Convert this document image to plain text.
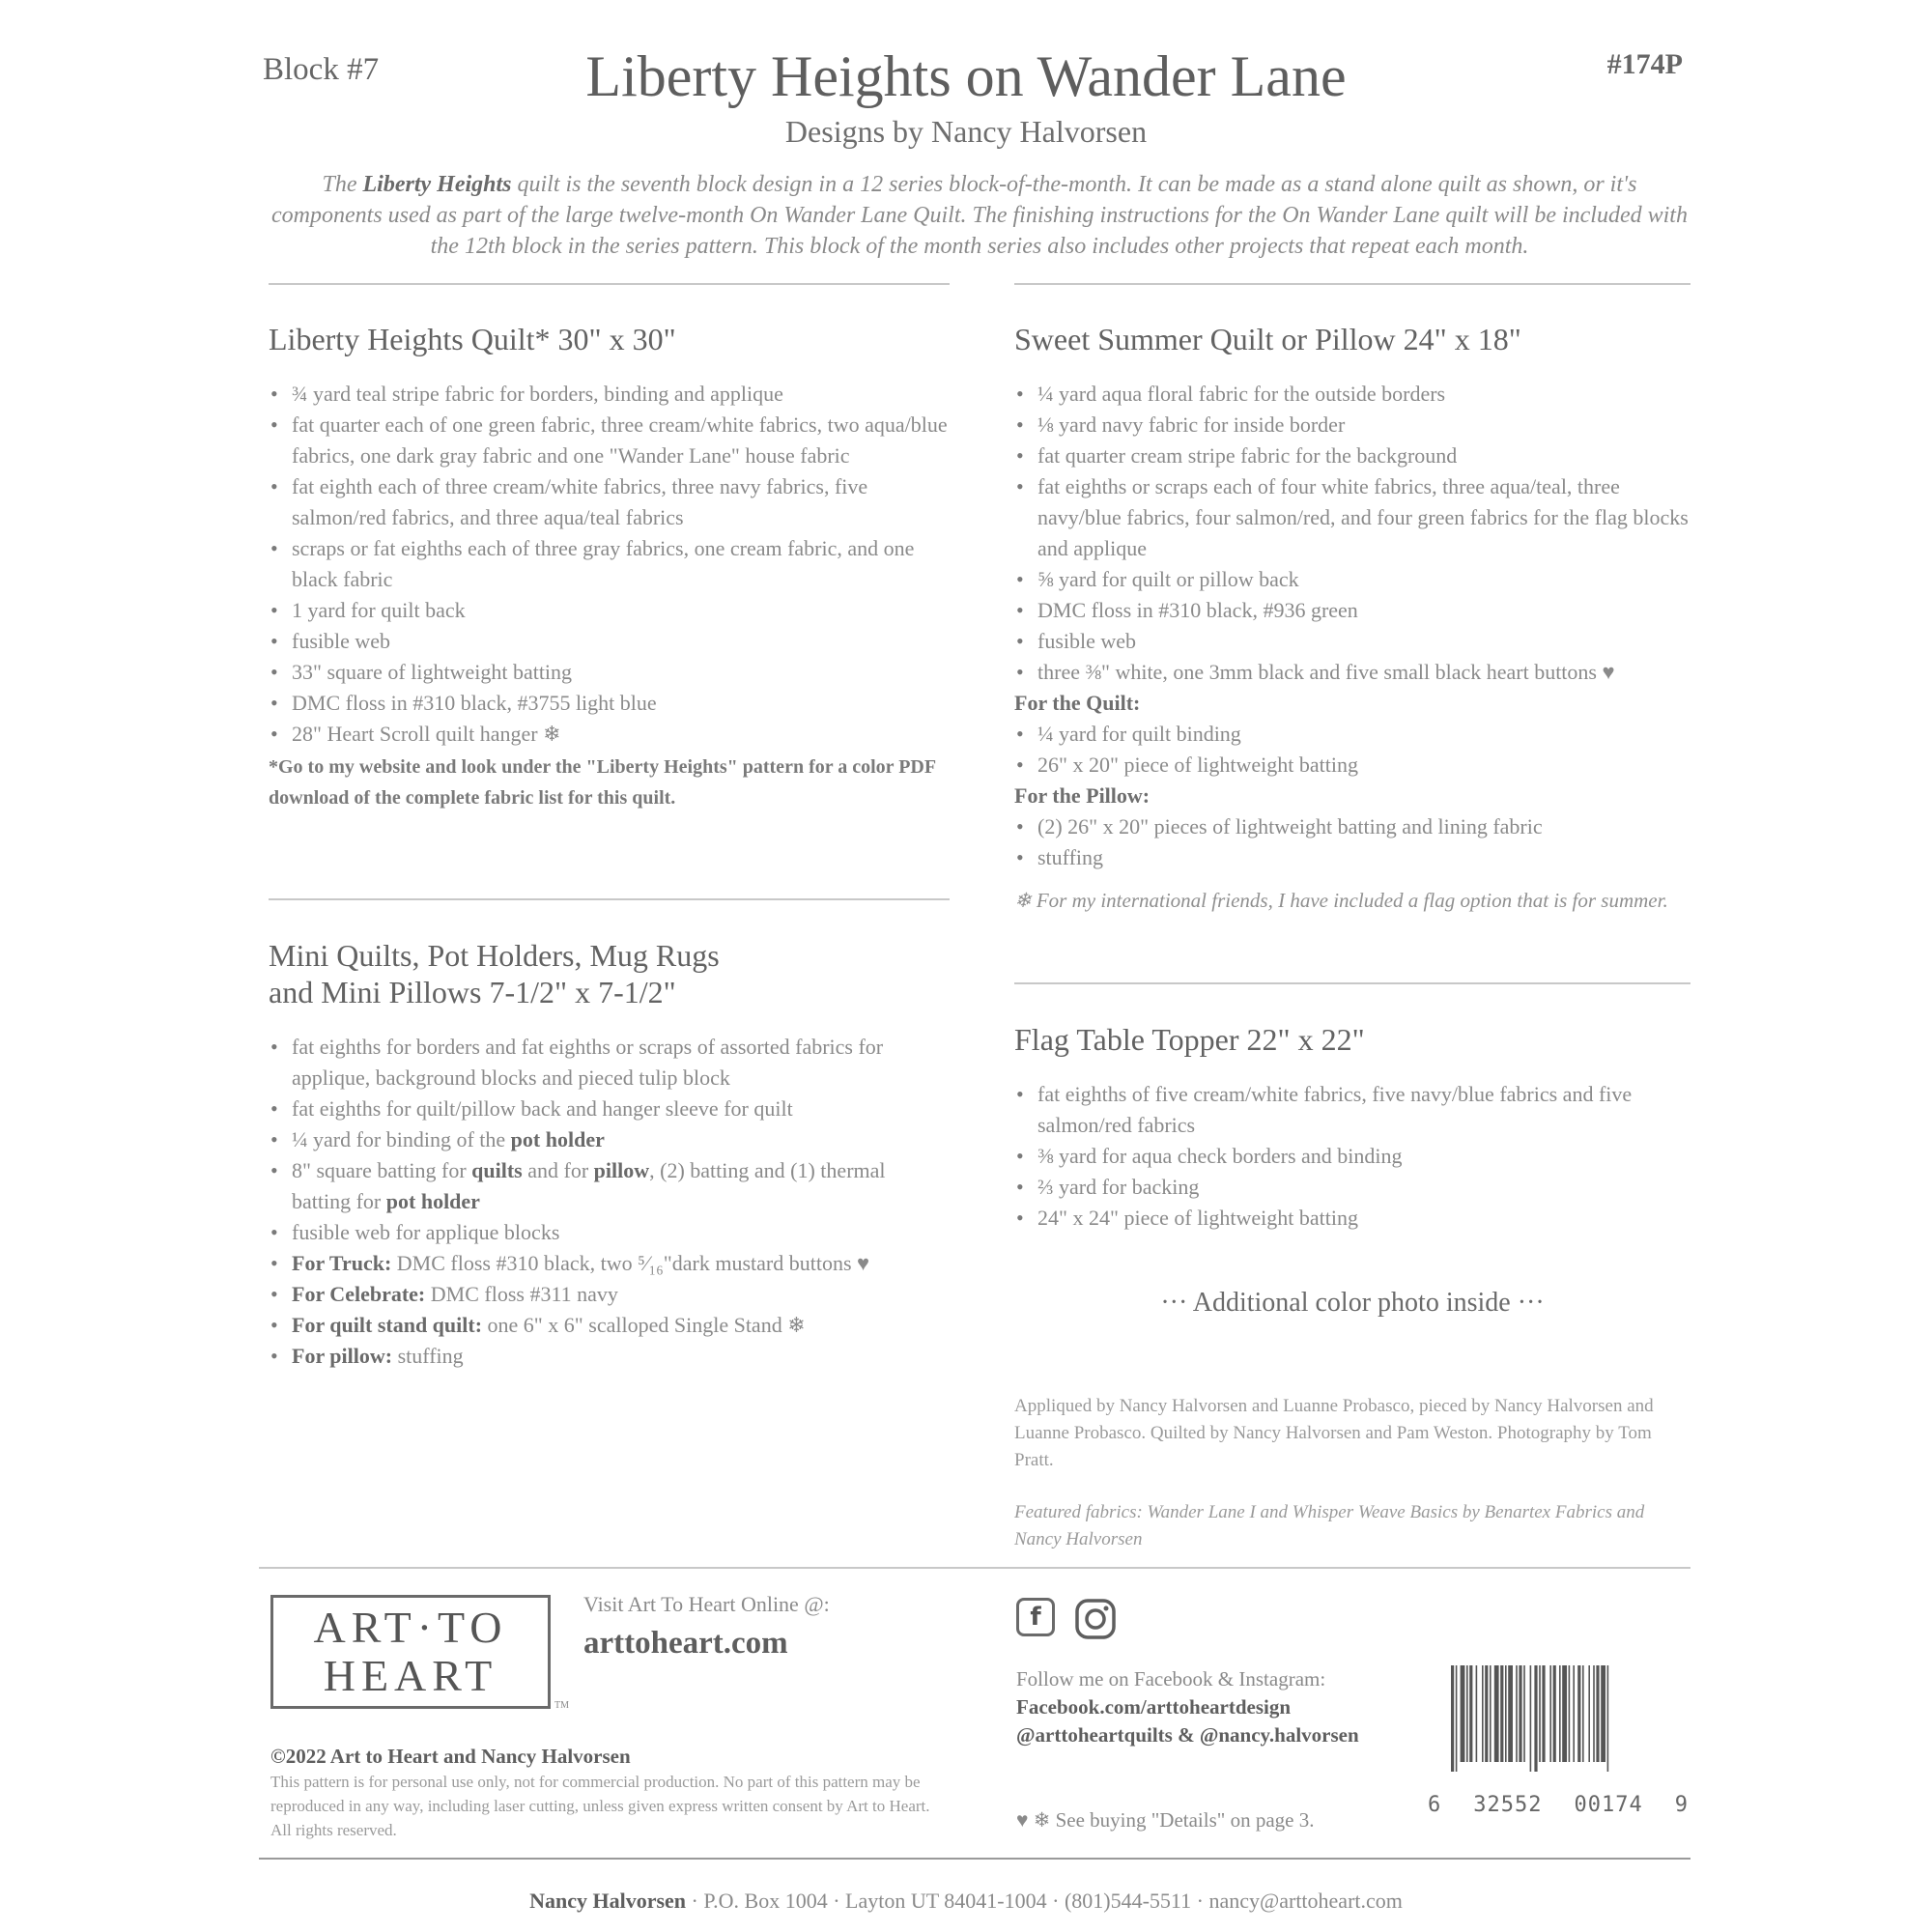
Block #7	Liberty Heights on Wander Lane	#174P
Designs by Nancy Halvorsen
The Liberty Heights quilt is the seventh block design in a 12 series block-of-the-month. It can be made as a stand alone quilt as shown, or it's components used as part of the large twelve-month On Wander Lane Quilt. The finishing instructions for the On Wander Lane quilt will be included with the 12th block in the series pattern. This block of the month series also includes other projects that repeat each month.
Liberty Heights Quilt* 30" x 30"
• ¾ yard teal stripe fabric for borders, binding and applique
• fat quarter each of one green fabric, three cream/white fabrics, two aqua/blue fabrics, one dark gray fabric and one "Wander Lane" house fabric
• fat eighth each of three cream/white fabrics, three navy fabrics, five salmon/red fabrics, and three aqua/teal fabrics
• scraps or fat eighths each of three gray fabrics, one cream fabric, and one black fabric
• 1 yard for quilt back
• fusible web
• 33" square of lightweight batting
• DMC floss in #310 black, #3755 light blue
• 28" Heart Scroll quilt hanger ❄
*Go to my website and look under the "Liberty Heights" pattern for a color PDF download of the complete fabric list for this quilt.
Mini Quilts, Pot Holders, Mug Rugs
and Mini Pillows 7-1/2" x 7-1/2"
• fat eighths for borders and fat eighths or scraps of assorted fabrics for applique, background blocks and pieced tulip block
• fat eighths for quilt/pillow back and hanger sleeve for quilt
• ¼ yard for binding of the pot holder
• 8" square batting for quilts and for pillow, (2) batting and (1) thermal batting for pot holder
• fusible web for applique blocks
• For Truck: DMC floss #310 black, two ⁵⁄₁₆"dark mustard buttons ♥
• For Celebrate: DMC floss #311 navy
• For quilt stand quilt: one 6" x 6" scalloped Single Stand ❄
• For pillow: stuffing
Sweet Summer Quilt or Pillow 24" x 18"
• ¼ yard aqua floral fabric for the outside borders
• ⅛ yard navy fabric for inside border
• fat quarter cream stripe fabric for the background
• fat eighths or scraps each of four white fabrics, three aqua/teal, three navy/blue fabrics, four salmon/red, and four green fabrics for the flag blocks and applique
• ⅝ yard for quilt or pillow back
• DMC floss in #310 black, #936 green
• fusible web
• three ⅜" white, one 3mm black and five small black heart buttons ♥
For the Quilt:
• ¼ yard for quilt binding
• 26" x 20" piece of lightweight batting
For the Pillow:
• (2) 26" x 20" pieces of lightweight batting and lining fabric
• stuffing
❄ For my international friends, I have included a flag option that is for summer.
Flag Table Topper 22" x 22"
• fat eighths of five cream/white fabrics, five navy/blue fabrics and five salmon/red fabrics
• ⅜ yard for aqua check borders and binding
• ⅔ yard for backing
• 24" x 24" piece of lightweight batting
··· Additional color photo inside ···
Appliqued by Nancy Halvorsen and Luanne Probasco, pieced by Nancy Halvorsen and Luanne Probasco. Quilted by Nancy Halvorsen and Pam Weston. Photography by Tom Pratt.
Featured fabrics: Wander Lane I and Whisper Weave Basics by Benartex Fabrics and Nancy Halvorsen
ART·TO
HEART
TM
Visit Art To Heart Online @:
arttoheart.com
©2022 Art to Heart and Nancy Halvorsen
This pattern is for personal use only, not for commercial production. No part of this pattern may be reproduced in any way, including laser cutting, unless given express written consent by Art to Heart. All rights reserved.
f
Follow me on Facebook & Instagram:
Facebook.com/arttoheartdesign
@arttoheartquilts & @nancy.halvorsen
♥ ❄ See buying "Details" on page 3.
6 32552 00174 9
Nancy Halvorsen · P.O. Box 1004 · Layton UT 84041-1004 · (801)544-5511 · nancy@arttoheart.com
